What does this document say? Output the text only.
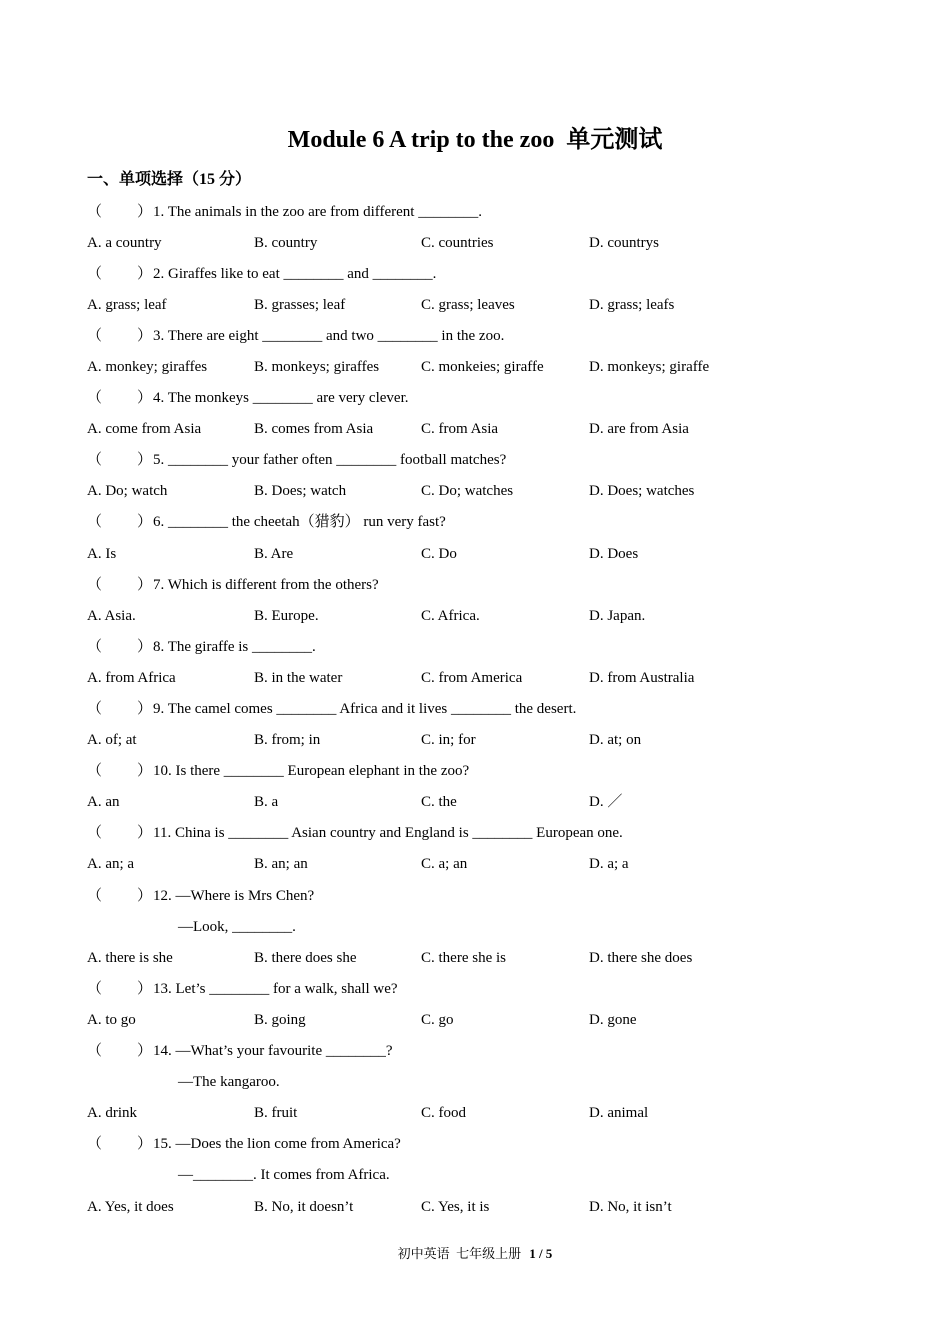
Module 6 A trip to the zoo  单元测试
一、单项选择（15 分）
（ ） 1. The animals in the zoo are from different ________.
A. a country	B. country	C. countries	D. countrys
（ ） 2. Giraffes like to eat ________ and ________.
A. grass; leaf	B. grasses; leaf	C. grass; leaves	D. grass; leafs
（ ） 3. There are eight ________ and two ________ in the zoo.
A. monkey; giraffes	B. monkeys; giraffes	C. monkeies; giraffe	D. monkeys; giraffe
（ ） 4. The monkeys ________ are very clever.
A. come from Asia	B. comes from Asia	C. from Asia	D. are from Asia
（ ） 5. ________ your father often ________ football matches?
A. Do; watch	B. Does; watch	C. Do; watches	D. Does; watches
（ ） 6. ________ the cheetah（猎豹） run very fast?
A. Is	B. Are	C. Do	D. Does
（ ） 7. Which is different from the others?
A. Asia.	B. Europe.	C. Africa.	D. Japan.
（ ） 8. The giraffe is ________.
A. from Africa	B. in the water	C. from America	D. from Australia
（ ） 9. The camel comes ________ Africa and it lives ________ the desert.
A. of; at	B. from; in	C. in; for	D. at; on
（ ） 10. Is there ________ European elephant in the zoo?
A. an	B. a	C. the	D. ／
（ ） 11. China is ________ Asian country and England is ________ European one.
A. an; a	B. an; an	C. a; an	D. a; a
（ ） 12. —Where is Mrs Chen?
—Look, ________.
A. there is she	B. there does she	C. there she is	D. there she does
（ ） 13. Let’s ________ for a walk, shall we?
A. to go	B. going	C. go	D. gone
（ ） 14. —What’s your favourite ________?
—The kangaroo.
A. drink	B. fruit	C. food	D. animal
（ ） 15. —Does the lion come from America?
—________. It comes from Africa.
A. Yes, it does	B. No, it doesn’t	C. Yes, it is	D. No, it isn’t
初中英语  七年级上册 1 / 5
